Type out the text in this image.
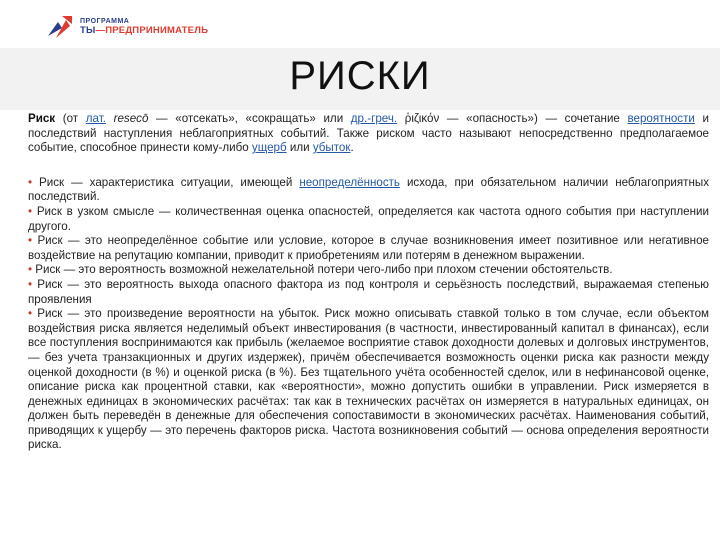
ПРОГРАММА
ТЫ—ПРЕДПРИНИМАТЕЛЬ
РИСКИ

Риск (от лат. resecō — «отсекать», «сокращать» или др.-греч. ῥιζικόν — «опасность») — сочетание вероятности и последствий наступления неблагоприятных событий. Также риском часто называют непосредственно предполагаемое событие, способное принести кому-либо ущерб или убыток.

• Риск — характеристика ситуации, имеющей неопределённость исхода, при обязательном наличии неблагоприятных последствий.

• Риск в узком смысле — количественная оценка опасностей, определяется как частота одного события при наступлении другого.

• Риск — это неопределённое событие или условие, которое в случае возникновения имеет позитивное или негативное воздействие на репутацию компании, приводит к приобретениям или потерям в денежном выражении.

• Риск — это вероятность возможной нежелательной потери чего-либо при плохом стечении обстоятельств.

• Риск — это вероятность выхода опасного фактора из под контроля и серьёзность последствий, выражаемая степенью проявления

• Риск — это произведение вероятности на убыток. Риск можно описывать ставкой только в том случае, если объектом воздействия риска является неделимый объект инвестирования (в частности, инвестированный капитал в финансах), если все поступления воспринимаются как прибыль (желаемое восприятие ставок доходности долевых и долговых инструментов, — без учета транзакционных и других издержек), причём обеспечивается возможность оценки риска как разности между оценкой доходности (в %) и оценкой риска (в %). Без тщательного учёта особенностей сделок, или в нефинансовой оценке, описание риска как процентной ставки, как «вероятности», можно допустить ошибки в управлении. Риск измеряется в денежных единицах в экономических расчётах: так как в технических расчётах он измеряется в натуральных единицах, он должен быть переведён в денежные для обеспечения сопоставимости в экономических расчётах. Наименования событий, приводящих к ущербу — это перечень факторов риска. Частота возникновения событий — основа определения вероятности риска.
